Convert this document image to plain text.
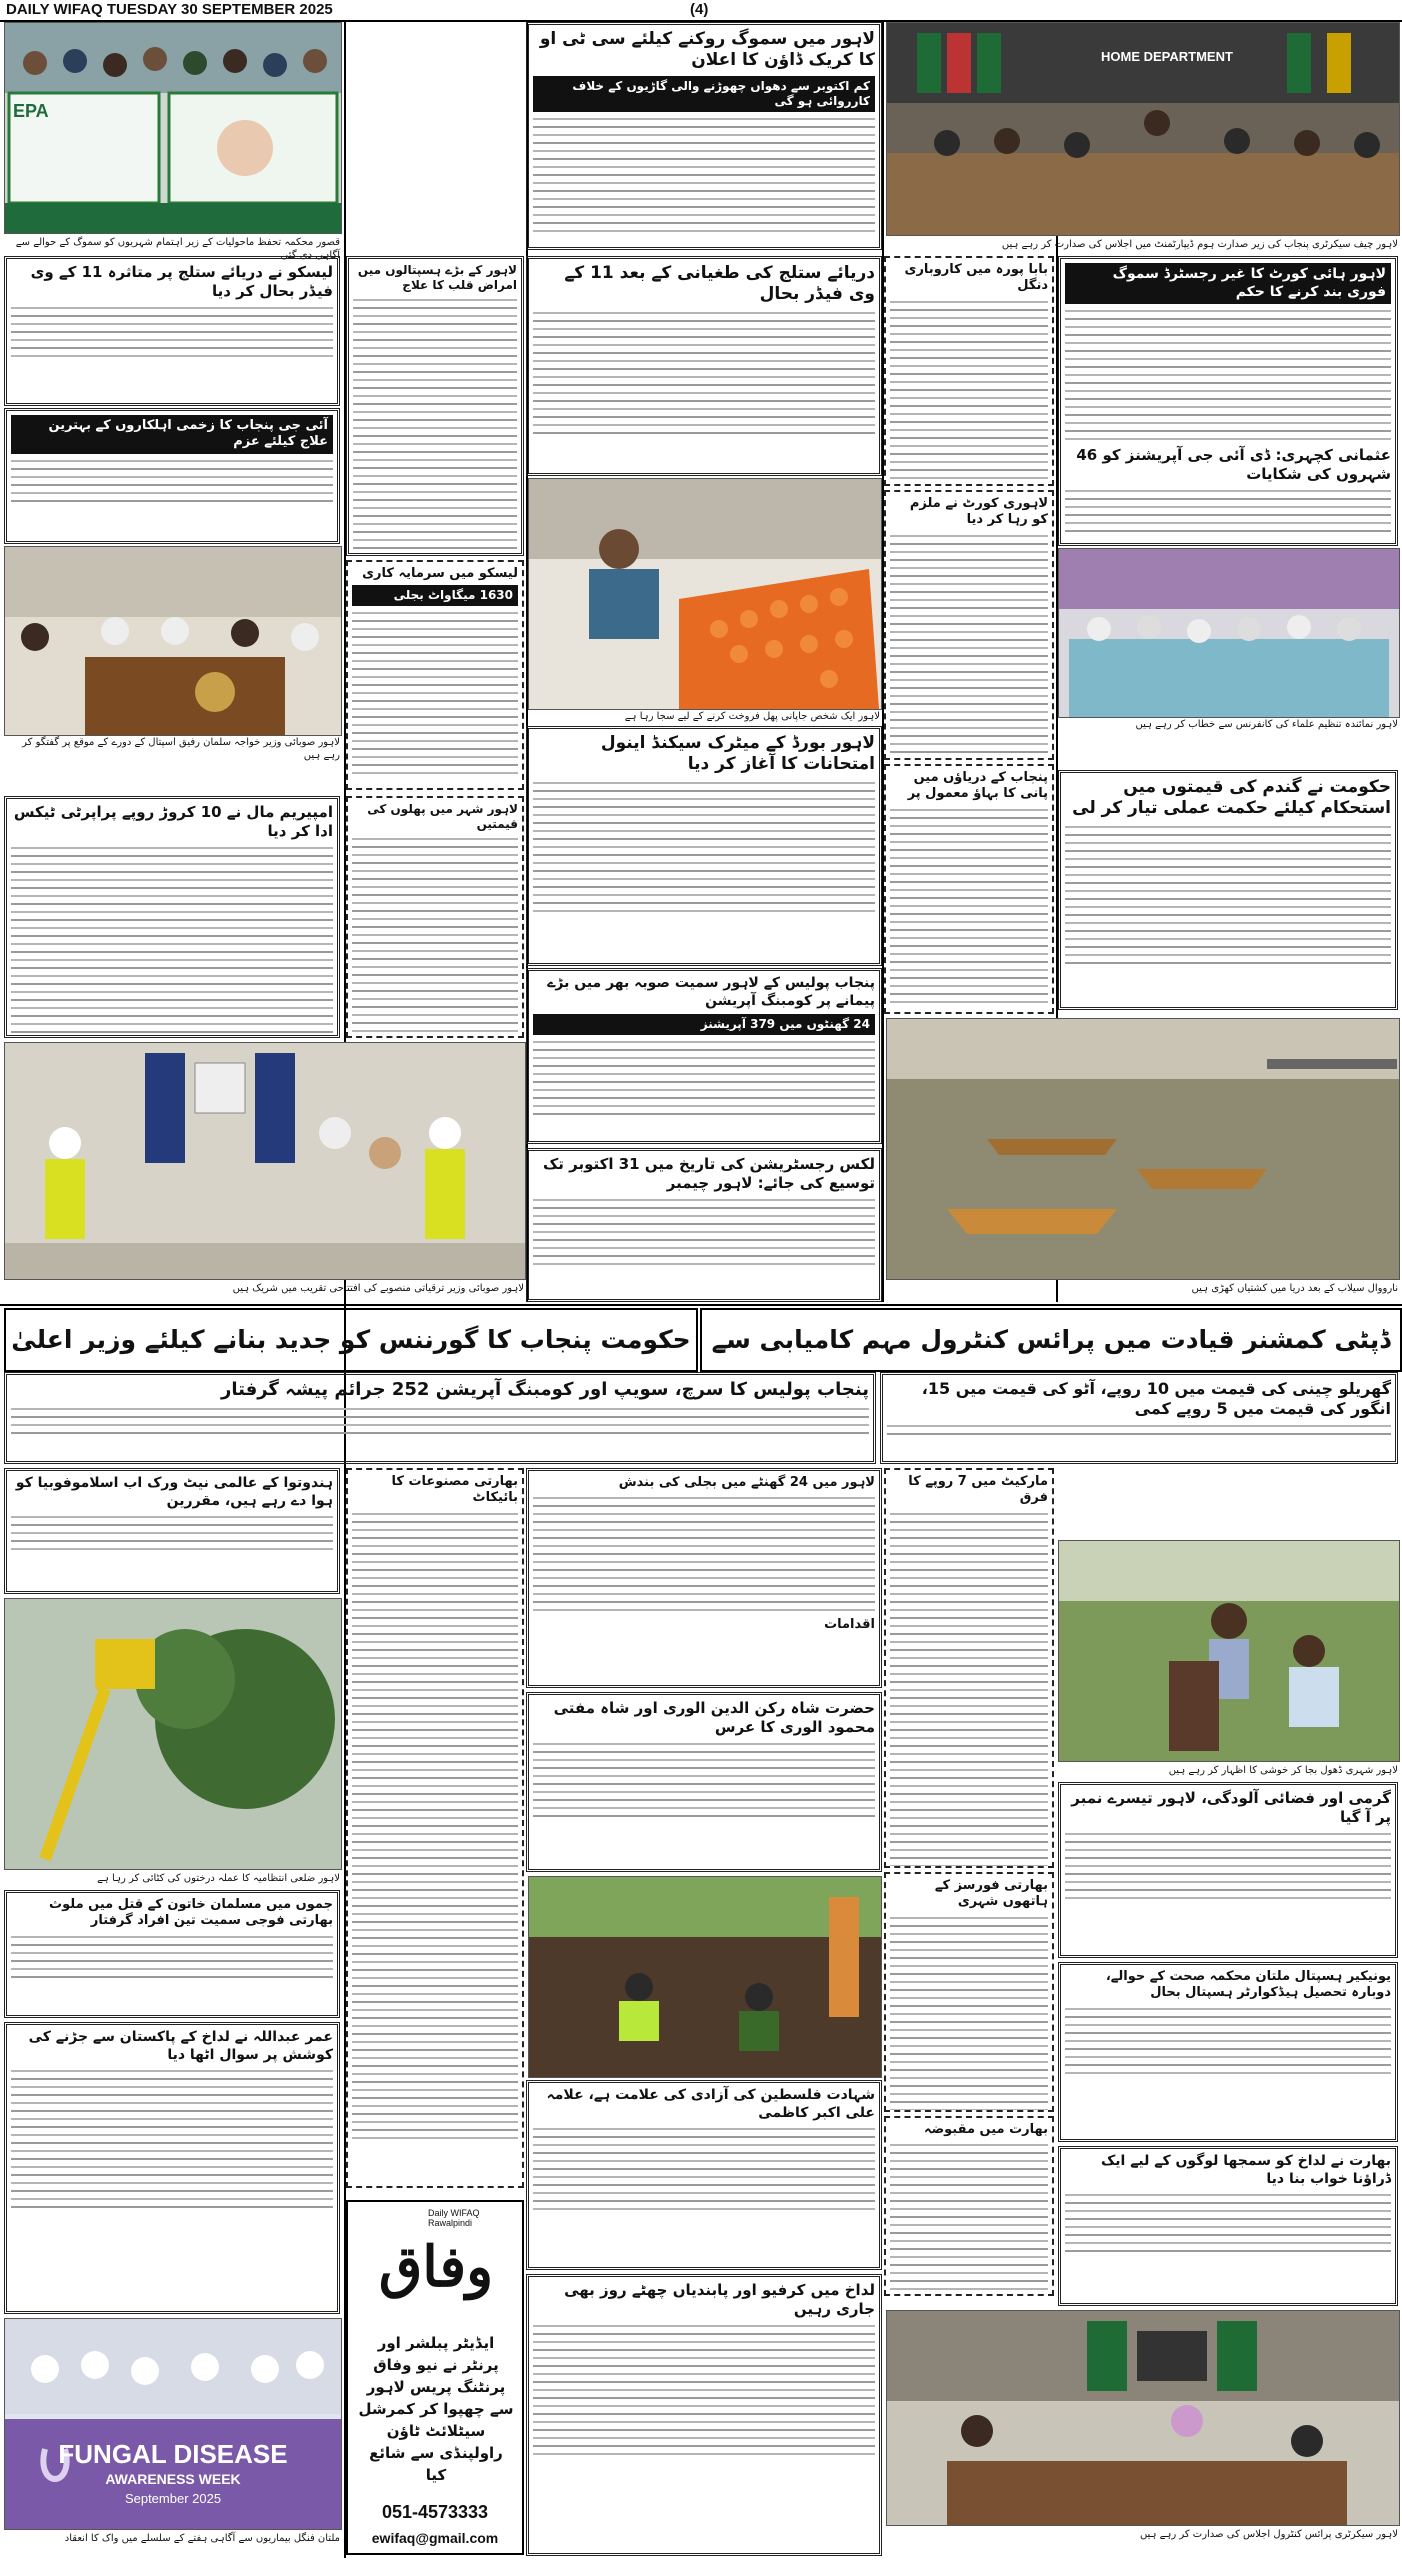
DAILY WIFAQ TUESDAY 30 SEPTEMBER 2025	(4)
EPA
قصور محکمہ تحفظ ماحولیات کے زیر اہتمام شہریوں کو سموگ کے حوالے سے آگاہی دی گئی
HOME DEPARTMENT
لاہور چیف سیکرٹری پنجاب کی زیر صدارت ہوم ڈیپارٹمنٹ میں اجلاس کی صدارت کر رہے ہیں
لاہور میں سموگ روکنے کیلئے سی ٹی او کا کریک ڈاؤن کا اعلان
کم اکتوبر سے دھواں چھوڑنے والی گاڑیوں کے خلاف کارروائی ہو گی
لاہور ہائی کورٹ کا غیر رجسٹرڈ سموگ فوری بند کرنے کا حکم
عثمانی کچہری: ڈی آئی جی آپریشنز کو 46 شہروں کی شکایات
لاہور نمائندہ تنظیم علماء کی کانفرنس سے خطاب کر رہے ہیں
حکومت نے گندم کی قیمتوں میں استحکام کیلئے حکمت عملی تیار کر لی
بابا پورہ میں کاروباری دنگل
لاہوری کورٹ نے ملزم کو رہا کر دیا
پنجاب کے دریاؤں میں پانی کا بہاؤ معمول پر
نارووال سیلاب کے بعد دریا میں کشتیاں کھڑی ہیں
دریائے ستلج کی طغیانی کے بعد 11 کے وی فیڈر بحال
لاہور ایک شخص جاپانی پھل فروخت کرنے کے لیے سجا رہا ہے
لاہور بورڈ کے میٹرک سیکنڈ اینول امتحانات کا آغاز کر دیا
پنجاب پولیس کے لاہور سمیت صوبہ بھر میں بڑے پیمانے پر کومبنگ آپریشن
24 گھنٹوں میں 379 آپریشنز
لکس رجسٹریشن کی تاریخ میں 31 اکتوبر تک توسیع کی جائے: لاہور چیمبر
لیسکو نے دریائے ستلج پر متاثرہ 11 کے وی فیڈر بحال کر دیا
آئی جی پنجاب کا زخمی اہلکاروں کے بہترین علاج کیلئے عزم
لاہور صوبائی وزیر خواجہ سلمان رفیق اسپتال کے دورے کے موقع پر گفتگو کر رہے ہیں
لاہور کے بڑے ہسپتالوں میں امراض قلب کا علاج
لیسکو میں سرمایہ کاری
1630 میگاواٹ بجلی
امپیریم مال نے 10 کروڑ روپے پراپرٹی ٹیکس ادا کر دیا
لاہور شہر میں پھلوں کی قیمتیں
لاہور صوبائی وزیر ترقیاتی منصوبے کی افتتاحی تقریب میں شریک ہیں
حکومت پنجاب کا گورننس کو جدید بنانے کیلئے وزیر اعلیٰ	ڈپٹی کمشنر قیادت میں پرائس کنٹرول مہم کامیابی سے
پنجاب پولیس کا سرچ، سویپ اور کومبنگ آپریشن 252 جرائم پیشہ گرفتار	گھریلو چینی کی قیمت میں 10 روپے، آٹو کی قیمت میں 15، انگور کی قیمت میں 5 روپے کمی
ہندوتوا کے عالمی نیٹ ورک اب اسلاموفوبیا کو ہوا دے رہے ہیں، مقررین
لاہور ضلعی انتظامیہ کا عملہ درختوں کی کٹائی کر رہا ہے
جموں میں مسلمان خاتون کے قتل میں ملوث بھارتی فوجی سمیت تین افراد گرفتار
عمر عبداللہ نے لداخ کے پاکستان سے جڑنے کی کوشش پر سوال اٹھا دیا
FUNGAL DISEASE
AWARENESS WEEK
September 2025
ملتان فنگل بیماریوں سے آگاہی ہفتے کے سلسلے میں واک کا انعقاد
بھارتی مصنوعات کا بائیکاٹ
Daily WIFAQ Rawalpindi
وفاق
ایڈیٹر پبلشر اور پرنٹر نے نیو وفاق پرنٹنگ پریس لاہور سے چھپوا کر کمرشل سیٹلائٹ ٹاؤن راولپنڈی سے شائع کیا
051-4573333
ewifaq@gmail.com
لاہور میں 24 گھنٹے میں بجلی کی بندش
اقدامات
حضرت شاہ رکن الدین الوری اور شاہ مفتی محمود الوری کا عرس
شہادت فلسطین کی آزادی کی علامت ہے، علامہ علی اکبر کاظمی
لداخ میں کرفیو اور پابندیاں چھٹے روز بھی جاری رہیں
مارکیٹ میں 7 روپے کا فرق
بھارتی فورسز کے ہاتھوں شہری
بھارت میں مقبوضہ
لاہور شہری ڈھول بجا کر خوشی کا اظہار کر رہے ہیں
گرمی اور فضائی آلودگی، لاہور تیسرے نمبر پر آ گیا
یونیکیر ہسپتال ملتان محکمہ صحت کے حوالے، دوبارہ تحصیل ہیڈکوارٹر ہسپتال بحال
بھارت نے لداخ کو سمجھا لوگوں کے لیے ایک ڈراؤنا خواب بنا دیا
لاہور سیکرٹری پرائس کنٹرول اجلاس کی صدارت کر رہے ہیں
